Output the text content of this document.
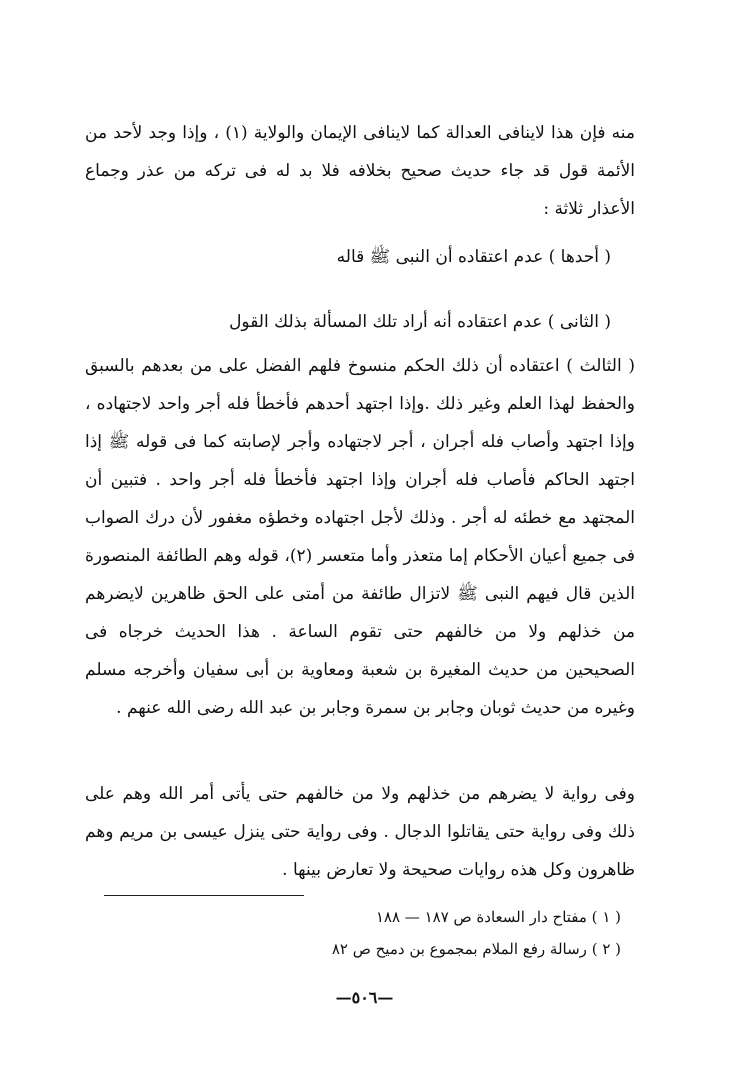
منه فإن هذا لاينافى العدالة كما لاينافى الإيمان والولاية (١) ، وإذا وجد لأحد من الأئمة قول قد جاء حديث صحيح بخلافه فلا بد له فى تركه من عذر وجماع الأعذار ثلاثة :

( أحدها ) عدم اعتقاده أن النبى ﷺ قاله

( الثانى ) عدم اعتقاده أنه أراد تلك المسألة بذلك القول

( الثالث ) اعتقاده أن ذلك الحكم منسوخ فلهم الفضل على من بعدهم بالسبق والحفظ لهذا العلم وغير ذلك .وإذا اجتهد أحدهم فأخطأ فله أجر واحد لاجتهاده ، وإذا اجتهد وأصاب فله أجران ، أجر لاجتهاده وأجر لإصابته كما فى قوله ﷺ إذا اجتهد الحاكم فأصاب فله أجران وإذا اجتهد فأخطأ فله أجر واحد . فتبين أن المجتهد مع خطئه له أجر . وذلك لأجل اجتهاده وخطؤه مغفور لأن درك الصواب فى جميع أعيان الأحكام إما متعذر وأما متعسر (٢)، قوله وهم الطائفة المنصورة الذين قال فيهم النبى ﷺ لاتزال طائفة من أمتى على الحق ظاهرين لايضرهم من خذلهم ولا من خالفهم حتى تقوم الساعة . هذا الحديث خرجاه فى الصحيحين من حديث المغيرة بن شعبة ومعاوية بن أبى سفيان وأخرجه مسلم وغيره من حديث ثوبان وجابر بن سمرة وجابر بن عبد الله رضى الله عنهم .

وفى رواية لا يضرهم من خذلهم ولا من خالفهم حتى يأتى أمر الله وهم على ذلك وفى رواية حتى يقاتلوا الدجال . وفى رواية حتى ينزل عيسى بن مريم وهم ظاهرون وكل هذه روايات صحيحة ولا تعارض بينها .

( ١ ) مفتاح دار السعادة ص ١٨٧ — ١٨٨
( ٢ ) رسالة رفع الملام بمجموع بن دميح ص ٨٢
—٥٠٦—
